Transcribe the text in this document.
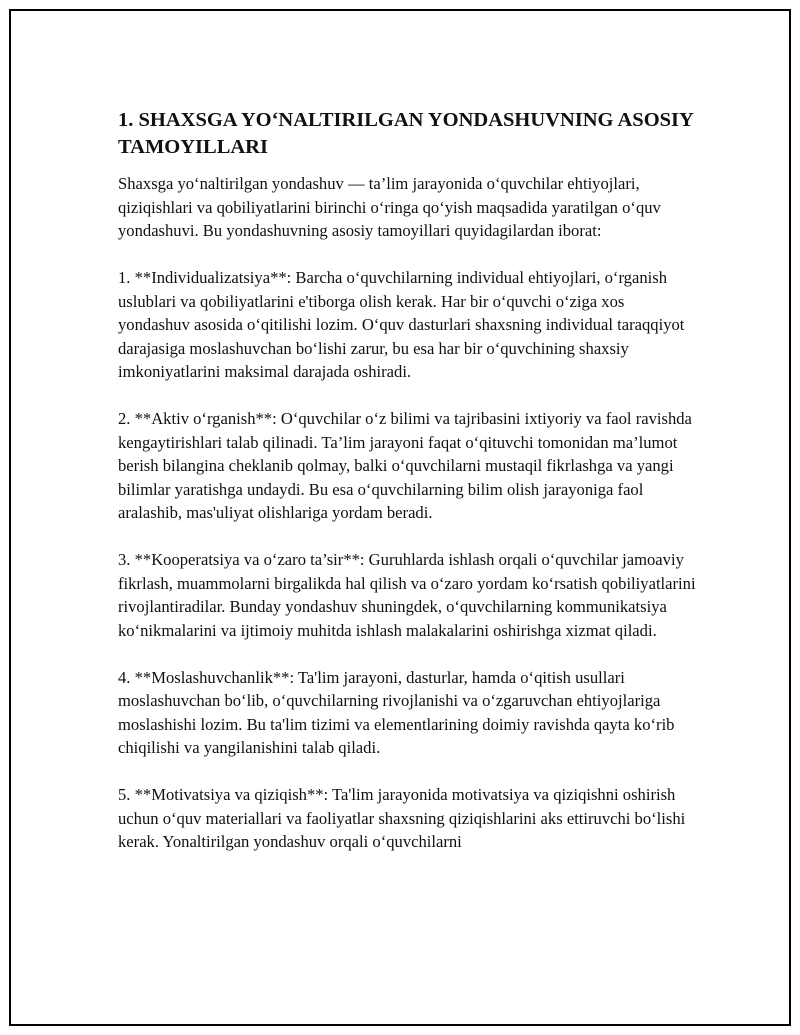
1. SHAXSGA YO‘NALTIRILGAN YONDASHUVNING ASOSIY TAMOYILLARI

Shaxsga yo‘naltirilgan yondashuv — ta’lim jarayonida o‘quvchilar ehtiyojlari, qiziqishlari va qobiliyatlarini birinchi o‘ringa qo‘yish maqsadida yaratilgan o‘quv yondashuvi. Bu yondashuvning asosiy tamoyillari quyidagilardan iborat:

1. **Individualizatsiya**: Barcha o‘quvchilarning individual ehtiyojlari, o‘rganish uslublari va qobiliyatlarini e'tiborga olish kerak. Har bir o‘quvchi o‘ziga xos yondashuv asosida o‘qitilishi lozim. O‘quv dasturlari shaxsning individual taraqqiyot darajasiga moslashuvchan bo‘lishi zarur, bu esa har bir o‘quvchining shaxsiy imkoniyatlarini maksimal darajada oshiradi.

2. **Aktiv o‘rganish**: O‘quvchilar o‘z bilimi va tajribasini ixtiyoriy va faol ravishda kengaytirishlari talab qilinadi. Ta’lim jarayoni faqat o‘qituvchi tomonidan ma’lumot berish bilangina cheklanib qolmay, balki o‘quvchilarni mustaqil fikrlashga va yangi bilimlar yaratishga undaydi. Bu esa o‘quvchilarning bilim olish jarayoniga faol aralashib, mas'uliyat olishlariga yordam beradi.

3. **Kooperatsiya va o‘zaro ta’sir**: Guruhlarda ishlash orqali o‘quvchilar jamoaviy fikrlash, muammolarni birgalikda hal qilish va o‘zaro yordam ko‘rsatish qobiliyatlarini rivojlantiradilar. Bunday yondashuv shuningdek, o‘quvchilarning kommunikatsiya ko‘nikmalarini va ijtimoiy muhitda ishlash malakalarini oshirishga xizmat qiladi.

4. **Moslashuvchanlik**: Ta'lim jarayoni, dasturlar, hamda o‘qitish usullari moslashuvchan bo‘lib, o‘quvchilarning rivojlanishi va o‘zgaruvchan ehtiyojlariga moslashishi lozim. Bu ta'lim tizimi va elementlarining doimiy ravishda qayta ko‘rib chiqilishi va yangilanishini talab qiladi.

5. **Motivatsiya va qiziqish**: Ta'lim jarayonida motivatsiya va qiziqishni oshirish uchun o‘quv materiallari va faoliyatlar shaxsning qiziqishlarini aks ettiruvchi bo‘lishi kerak. Yonaltirilgan yondashuv orqali o‘quvchilarni
